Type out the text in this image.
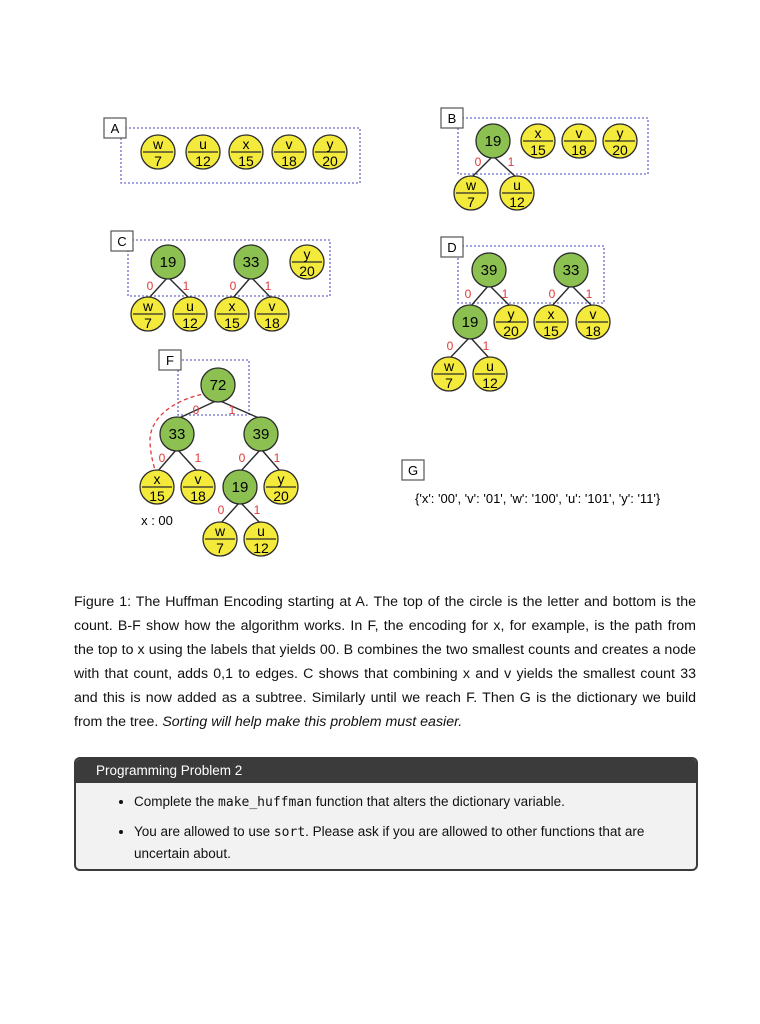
A
w
7
u
12
x
15
v
18
y
20
B
0 1
19 x
15
v
18
y
20
w
7
u
12
C
0 1	0 1
19	33	y
20
w
7
u
12
x
15
v
18
D
0	1	0	1
0 1
39	33
19 y
20
x
15
v
18
w
7
u
12
F
0 1
0 1	0 1
0 1
72
33	39
x
15
v
18 19 y
20
w
7
u
12
x : 00
G
{'x': '00', 'v': '01', 'w': '100', 'u': '101', 'y': '11'}
Figure 1: The Huffman Encoding starting at A. The top of the circle is the letter and bottom is the count. B-F show how the algorithm works. In F, the encoding for x, for example, is the path from the top to x using the labels that yields 00. B combines the two smallest counts and creates a node with that count, adds 0,1 to edges. C shows that combining x and v yields the smallest count 33 and this is now added as a subtree. Similarly until we reach F. Then G is the dictionary we build from the tree. Sorting will help make this problem must easier.
Programming Problem 2
• Complete the make_huffman function that alters the dictionary variable.
• You are allowed to use sort. Please ask if you are allowed to other functions that are uncertain about.
